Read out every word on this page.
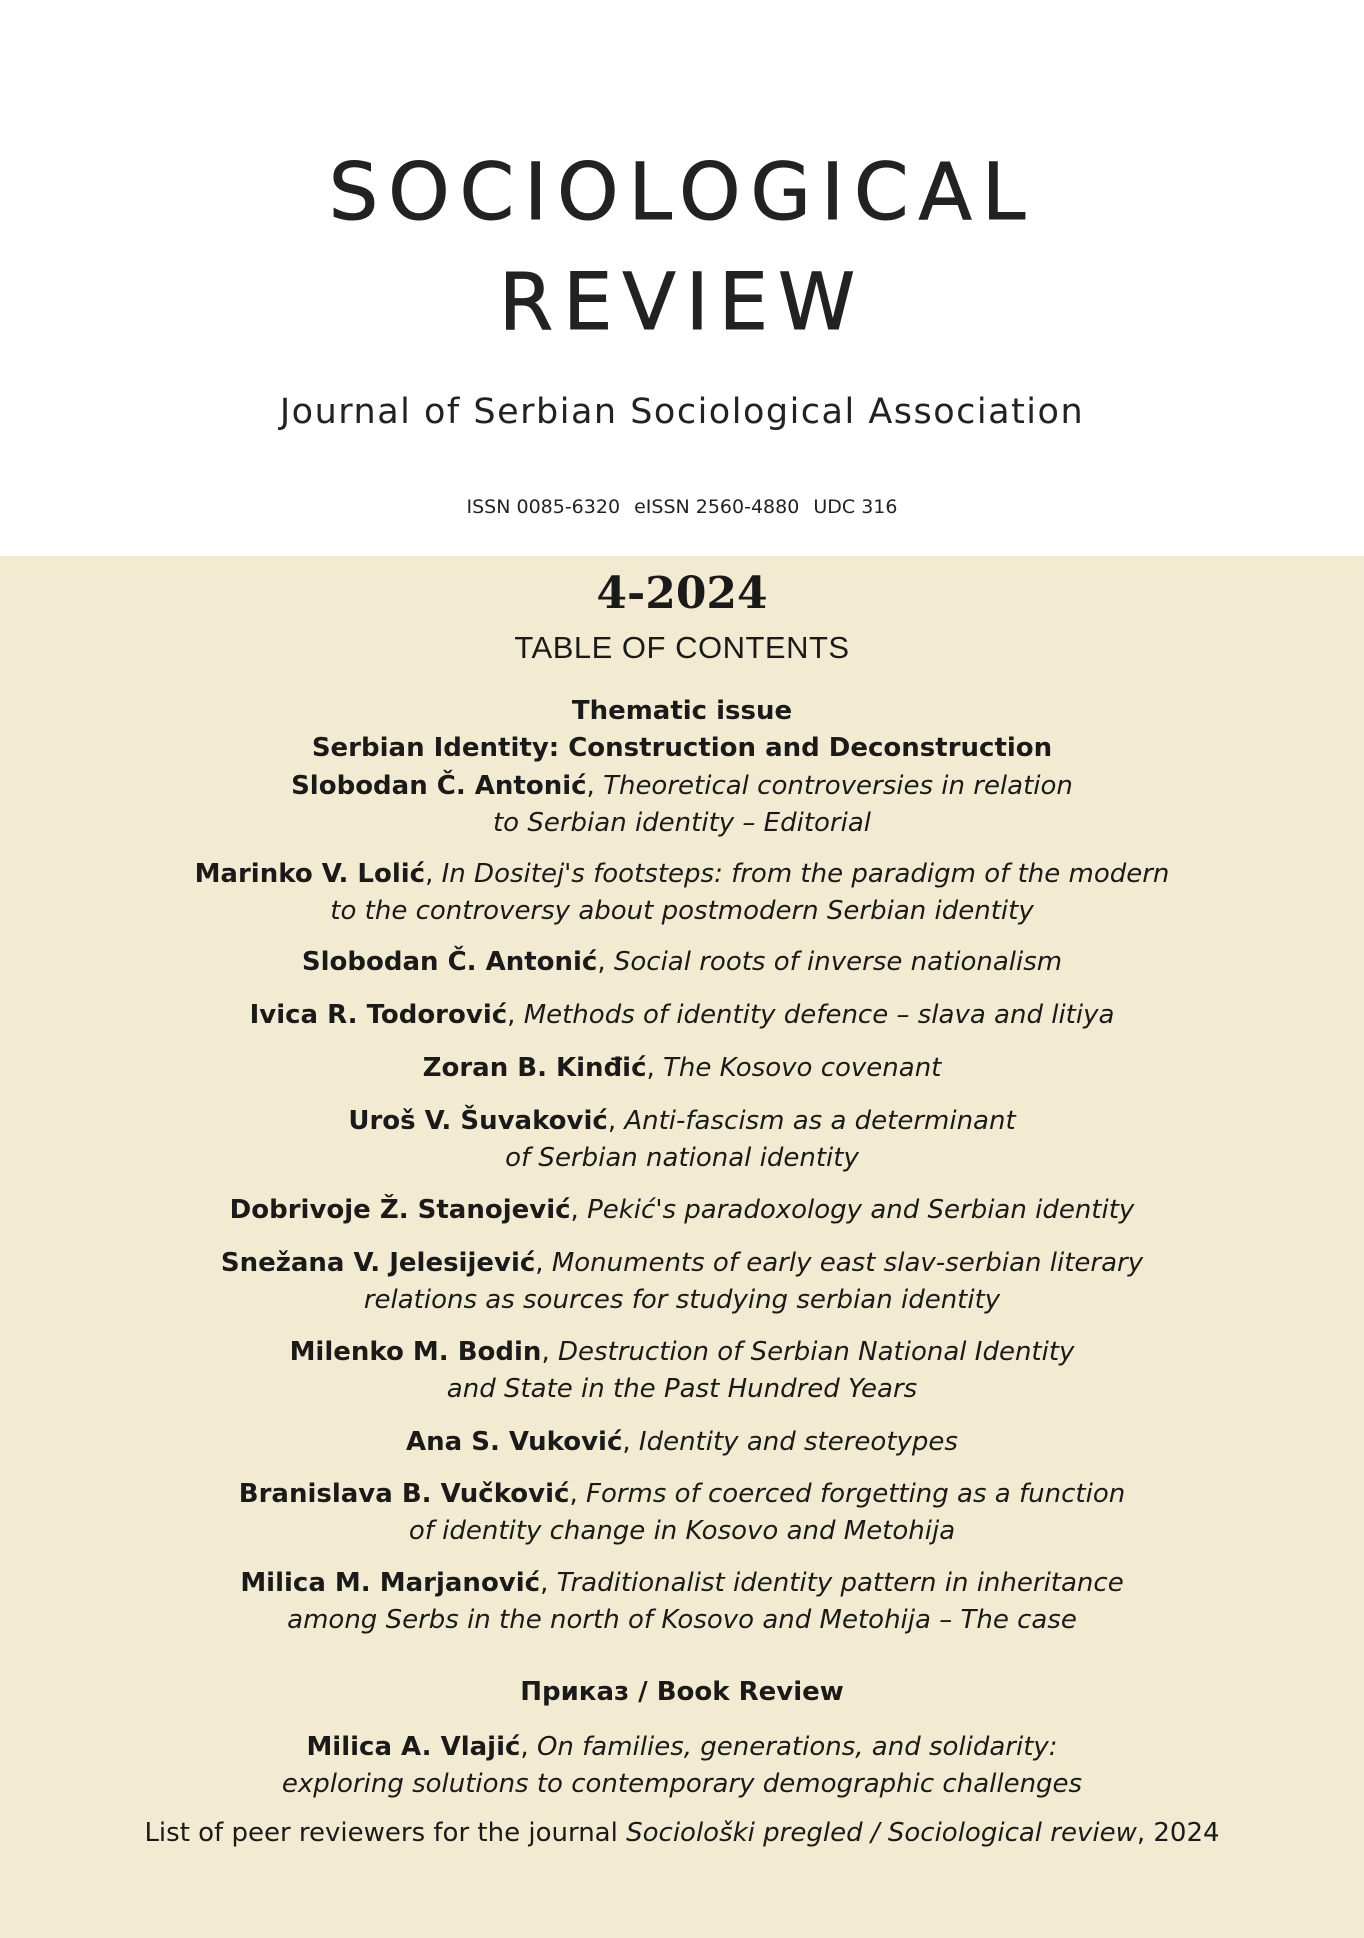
SOCIOLOGICAL
REVIEW
Journal of Serbian Sociological Association
ISSN 0085-6320 eISSN 2560-4880 UDC 316
4-2024
TABLE OF CONTENTS
Thematic issue
Serbian Identity: Construction and Deconstruction
Slobodan Č. Antonić, Theoretical controversies in relation
to Serbian identity – Editorial
Marinko V. Lolić, In Dositej's footsteps: from the paradigm of the modern
to the controversy about postmodern Serbian identity
Slobodan Č. Antonić, Social roots of inverse nationalism
Ivica R. Todorović, Methods of identity defence – slava and litiya
Zoran B. Kinđić, The Kosovo covenant
Uroš V. Šuvaković, Anti-fascism as a determinant
of Serbian national identity
Dobrivoje Ž. Stanojević, Pekić's paradoxology and Serbian identity
Snežana V. Jelesijević, Monuments of early east slav-serbian literary
relations as sources for studying serbian identity
Milenko M. Bodin, Destruction of Serbian National Identity
and State in the Past Hundred Years
Ana S. Vuković, Identity and stereotypes
Branislava B. Vučković, Forms of coerced forgetting as a function
of identity change in Kosovo and Metohija
Milica M. Marjanović, Traditionalist identity pattern in inheritance
among Serbs in the north of Kosovo and Metohija – The case
Приказ / Book Review
Milica A. Vlajić, On families, generations, and solidarity:
exploring solutions to contemporary demographic challenges
List of peer reviewers for the journal Sociološki pregled / Sociological review, 2024
